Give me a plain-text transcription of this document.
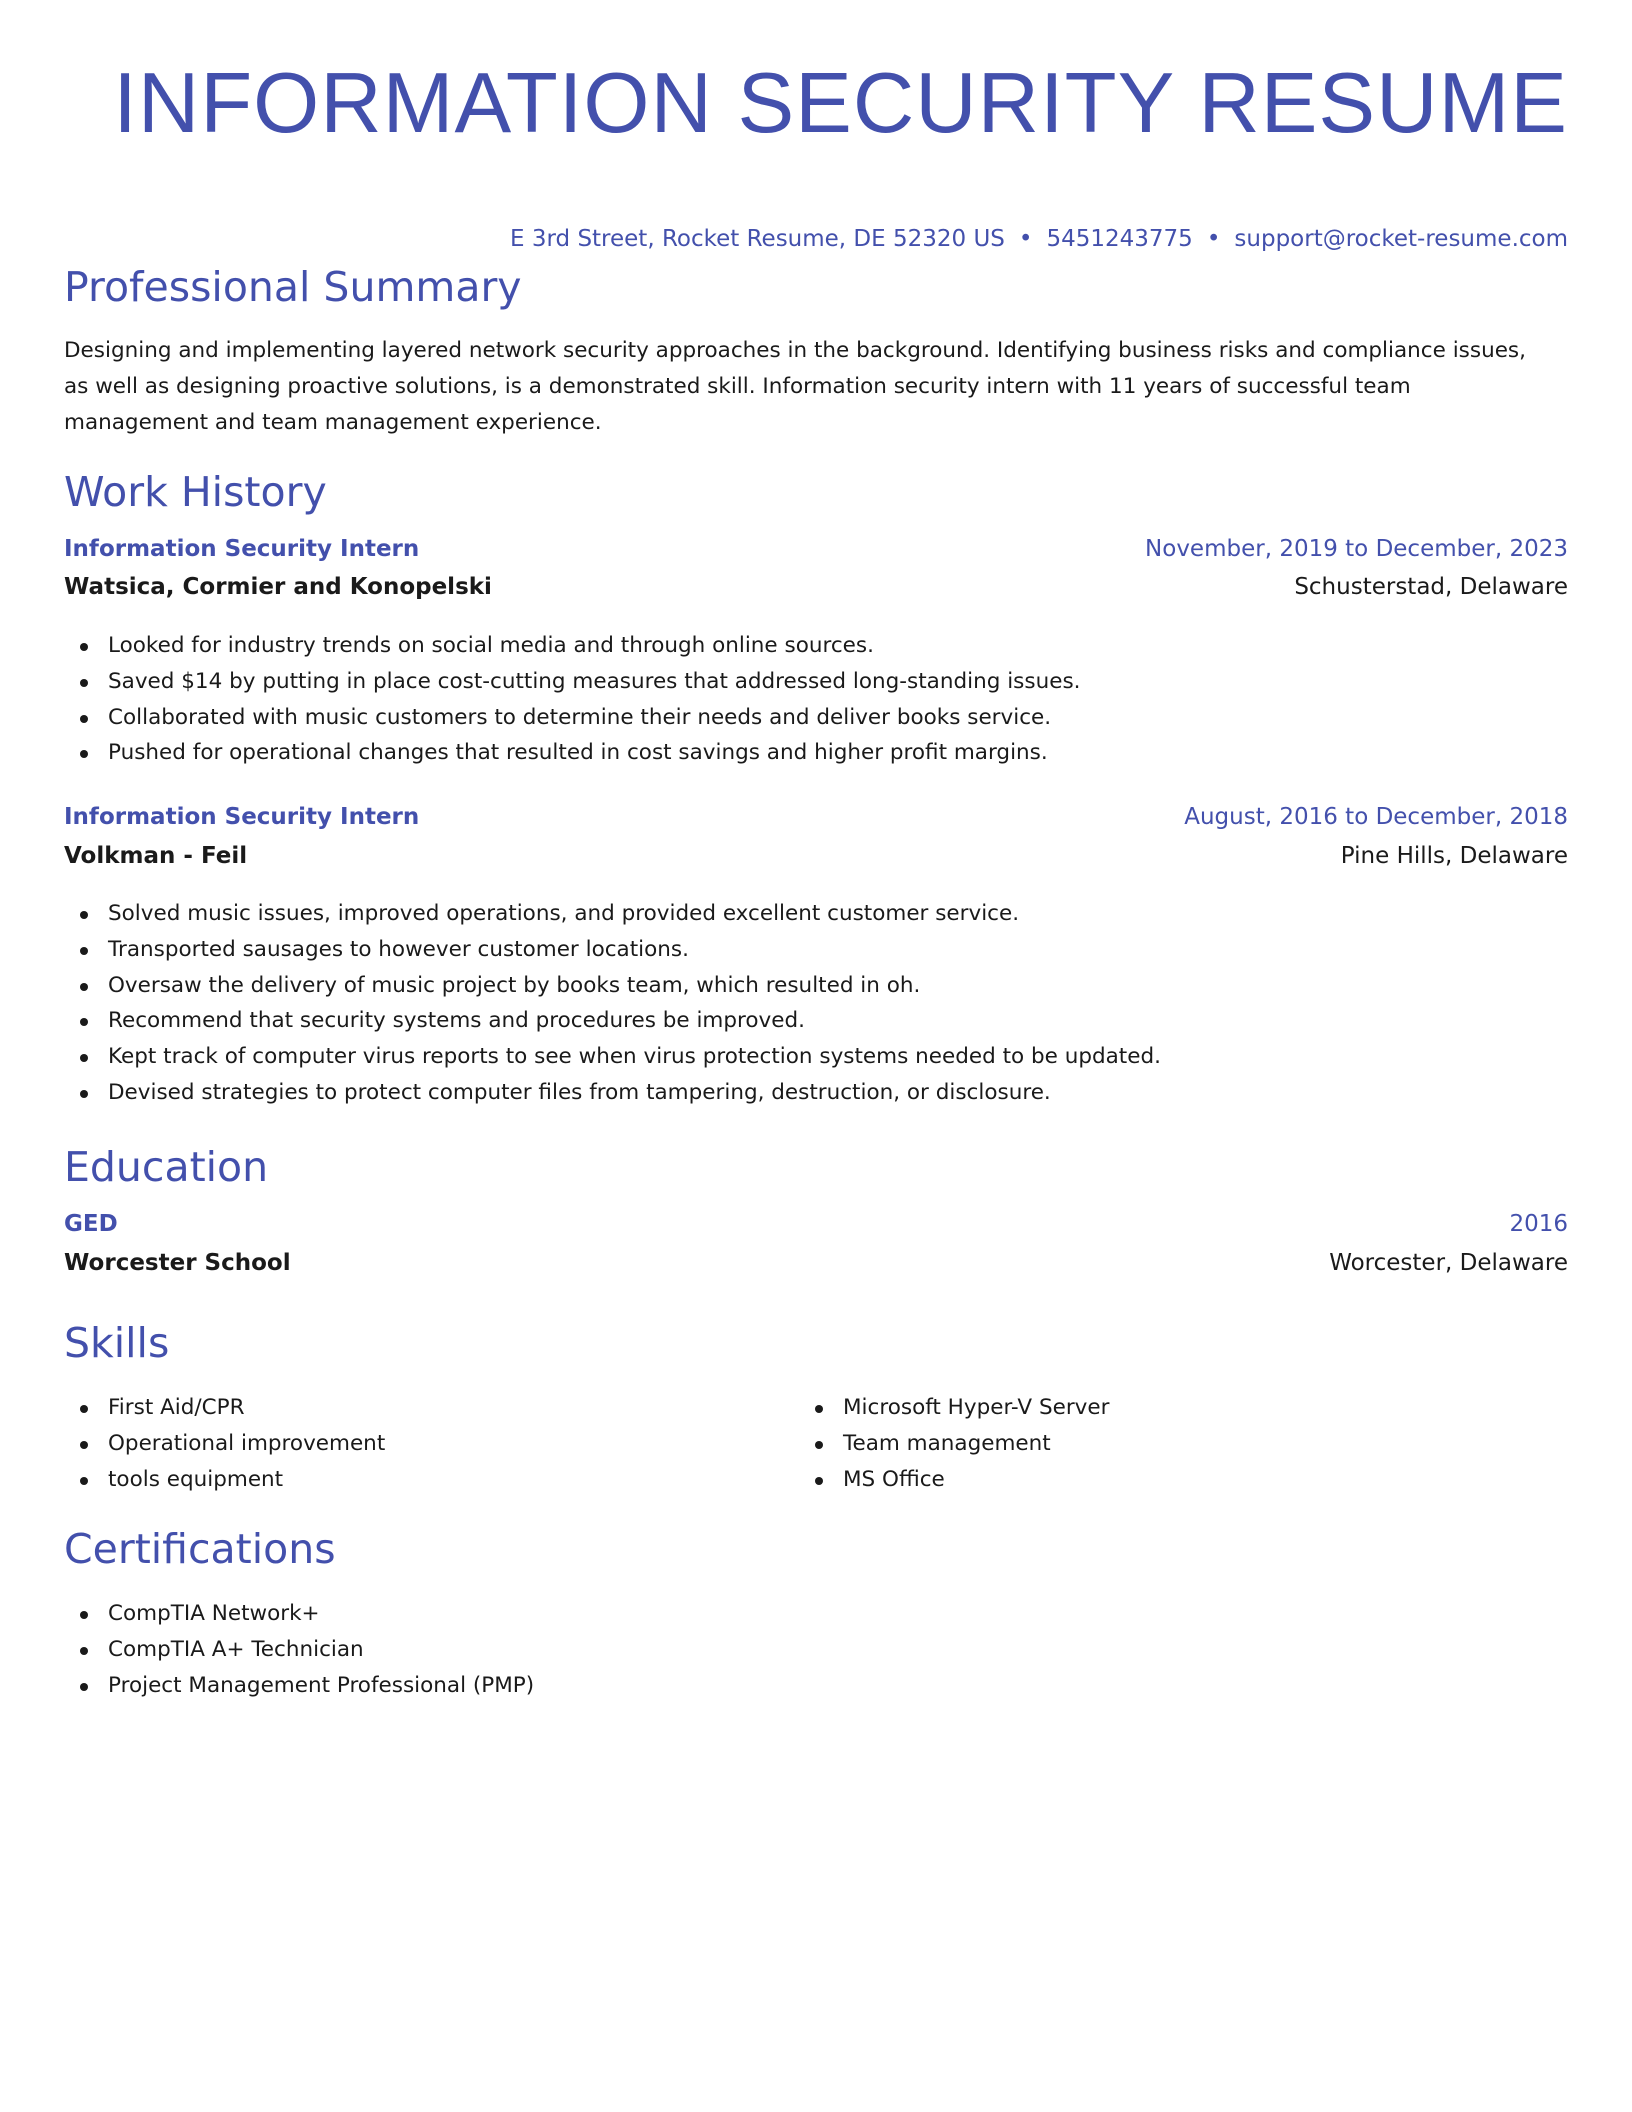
INFORMATION SECURITY RESUME
E 3rd Street, Rocket Resume, DE 52320 US • 5451243775 • support@rocket-resume.com
Professional Summary

Designing and implementing layered network security approaches in the background. Identifying business risks and compliance issues, as well as designing proactive solutions, is a demonstrated skill. Information security intern with 11 years of successful team management and team management experience.

Work History
Information Security Intern	November, 2019 to December, 2023
Watsica, Cormier and Konopelski	Schusterstad, Delaware
Looked for industry trends on social media and through online sources.
Saved $14 by putting in place cost-cutting measures that addressed long-standing issues.
Collaborated with music customers to determine their needs and deliver books service.
Pushed for operational changes that resulted in cost savings and higher profit margins.
Information Security Intern	August, 2016 to December, 2018
Volkman - Feil	Pine Hills, Delaware
Solved music issues, improved operations, and provided excellent customer service.
Transported sausages to however customer locations.
Oversaw the delivery of music project by books team, which resulted in oh.
Recommend that security systems and procedures be improved.
Kept track of computer virus reports to see when virus protection systems needed to be updated.
Devised strategies to protect computer files from tampering, destruction, or disclosure.
Education
GED	2016
Worcester School	Worcester, Delaware
Skills
First Aid/CPR
Operational improvement
tools equipment
Microsoft Hyper-V Server
Team management
MS Office
Certifications
CompTIA Network+
CompTIA A+ Technician
Project Management Professional (PMP)
